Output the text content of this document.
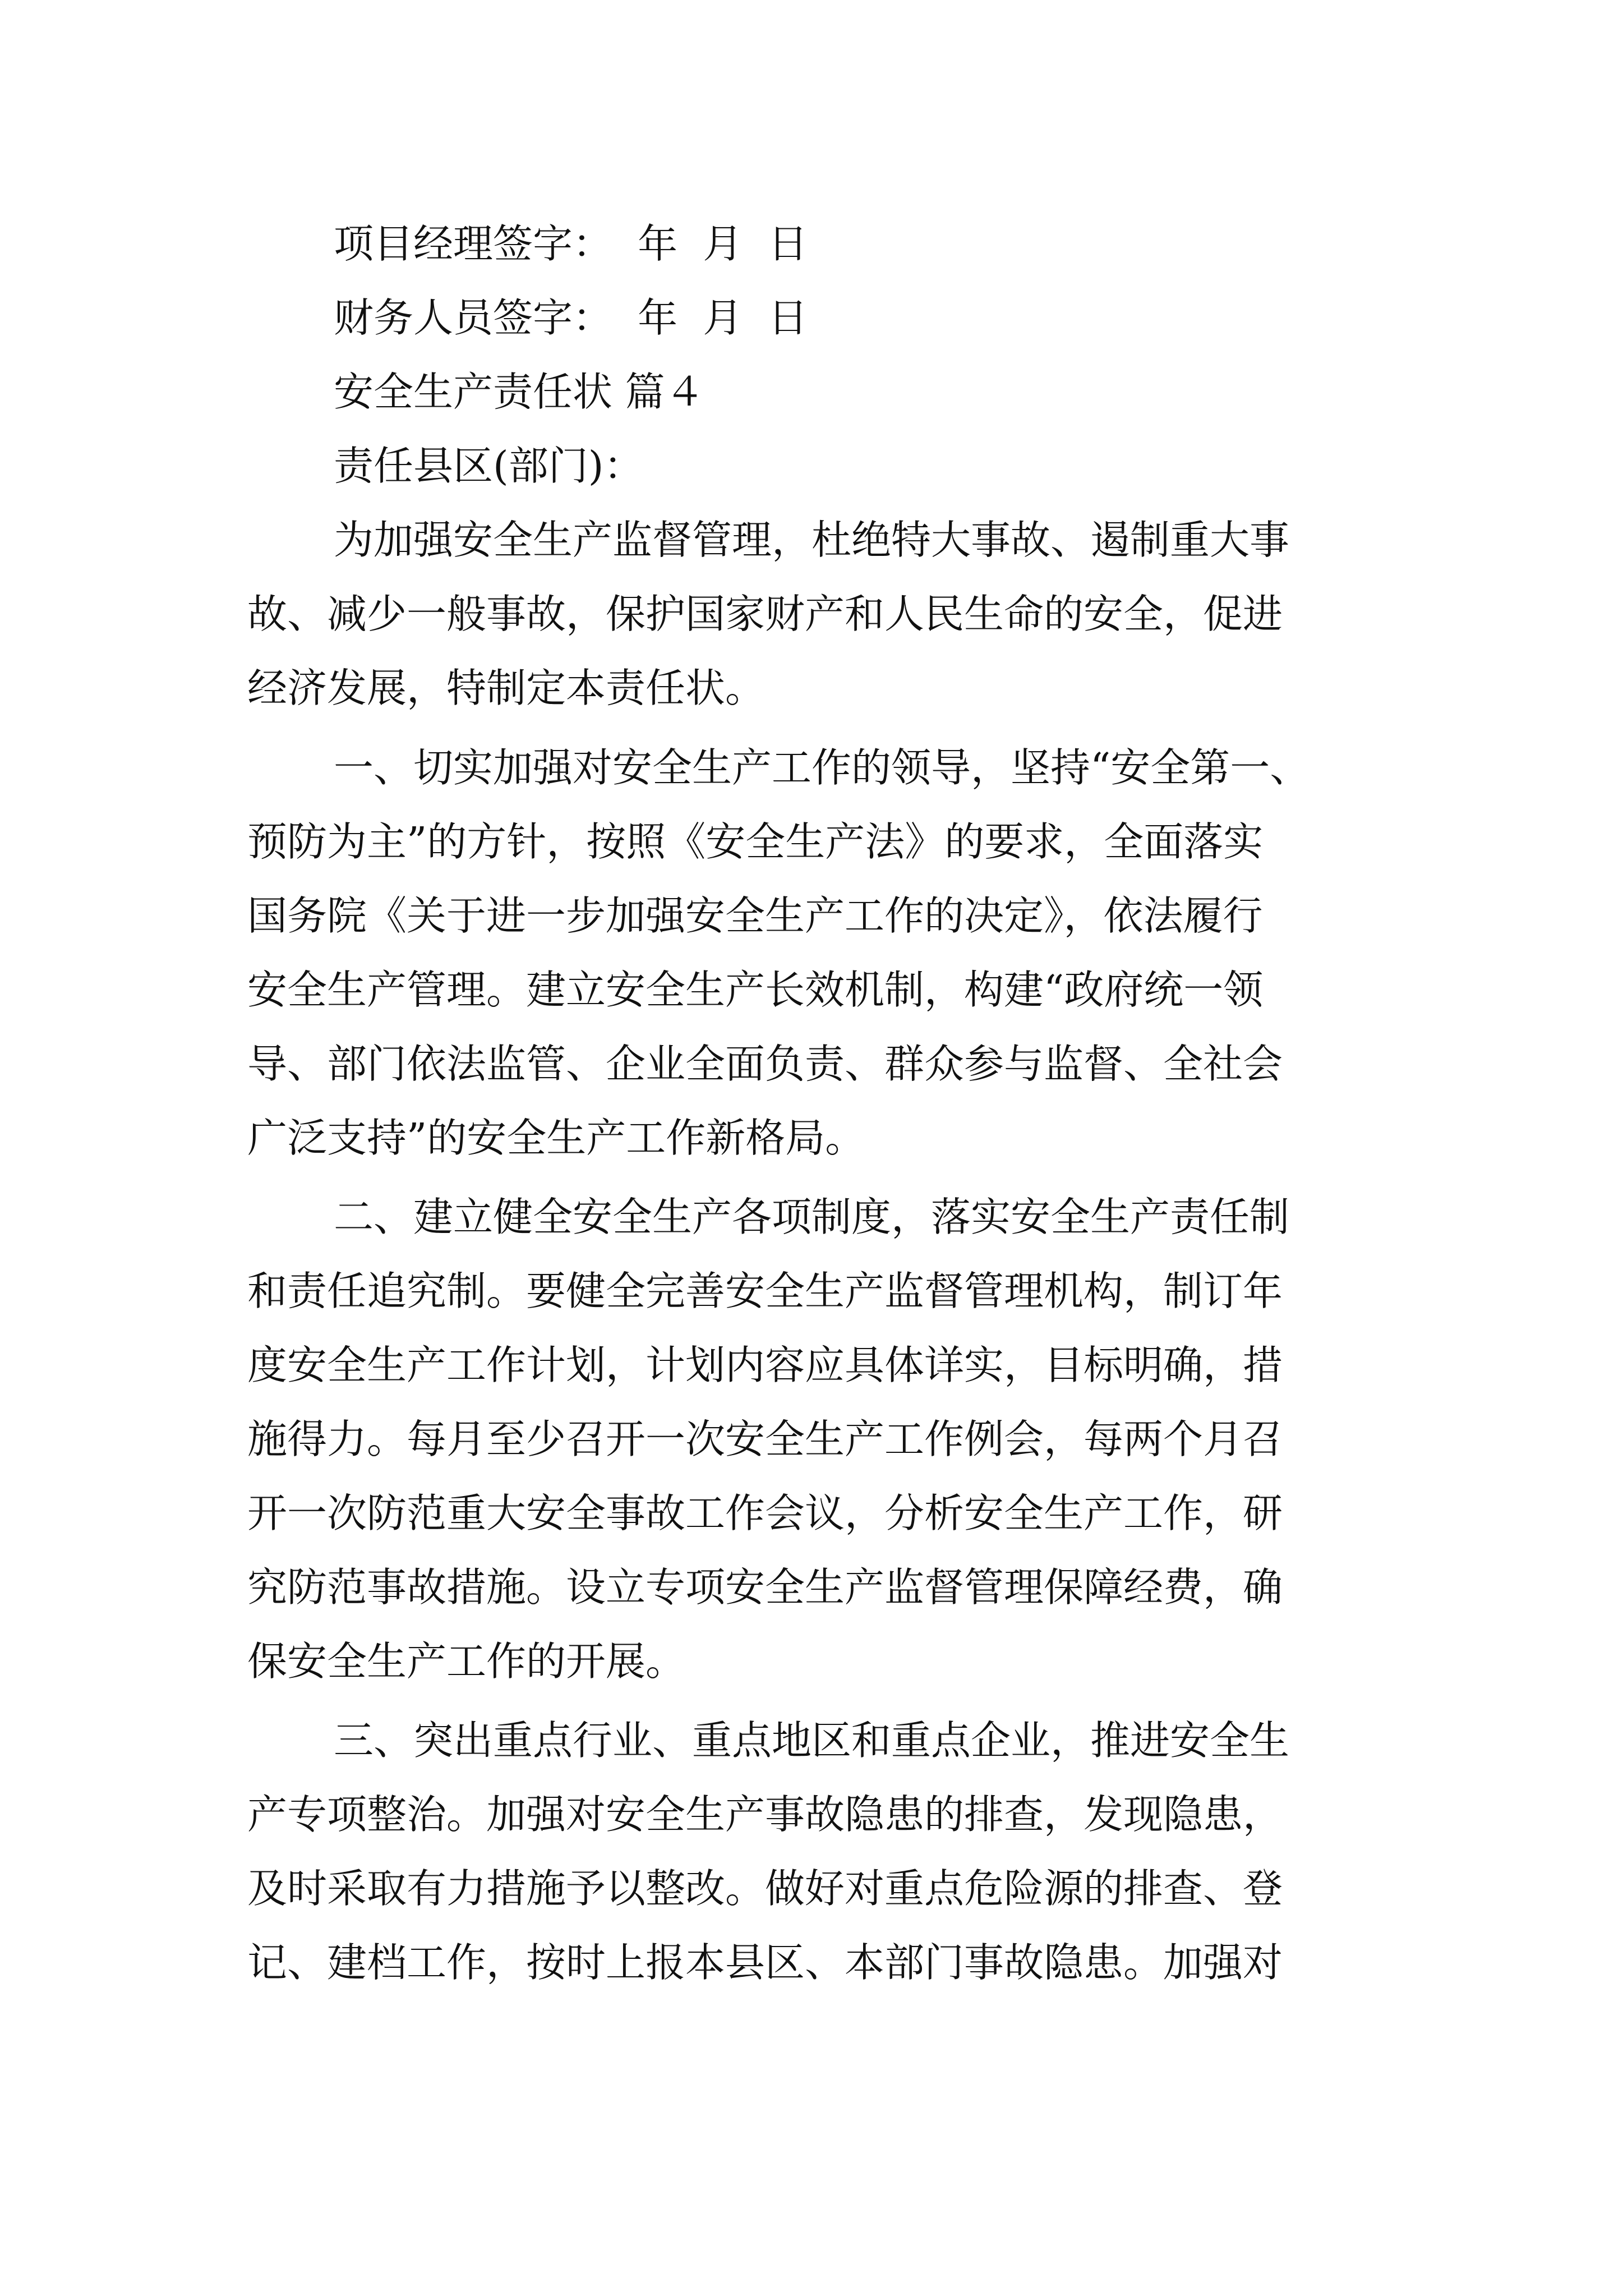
项目经理签字：  年  月  日

财务人员签字：  年  月  日

安全生产责任状 篇４

责任县区(部门)：

为加强安全生产监督管理，杜绝特大事故、遏制重大事

故、减少一般事故，保护国家财产和人民生命的安全，促进

经济发展，特制定本责任状。

一、切实加强对安全生产工作的领导，坚持“安全第一、

预防为主”的方针，按照《安全生产法》的要求，全面落实

国务院《关于进一步加强安全生产工作的决定》，依法履行

安全生产管理。建立安全生产长效机制，构建“政府统一领

导、部门依法监管、企业全面负责、群众参与监督、全社会

广泛支持”的安全生产工作新格局。

二、建立健全安全生产各项制度，落实安全生产责任制

和责任追究制。要健全完善安全生产监督管理机构，制订年

度安全生产工作计划，计划内容应具体详实，目标明确，措

施得力。每月至少召开一次安全生产工作例会，每两个月召

开一次防范重大安全事故工作会议，分析安全生产工作，研

究防范事故措施。设立专项安全生产监督管理保障经费，确

保安全生产工作的开展。

三、突出重点行业、重点地区和重点企业，推进安全生

产专项整治。加强对安全生产事故隐患的排查，发现隐患，

及时采取有力措施予以整改。做好对重点危险源的排查、登

记、建档工作，按时上报本县区、本部门事故隐患。加强对
